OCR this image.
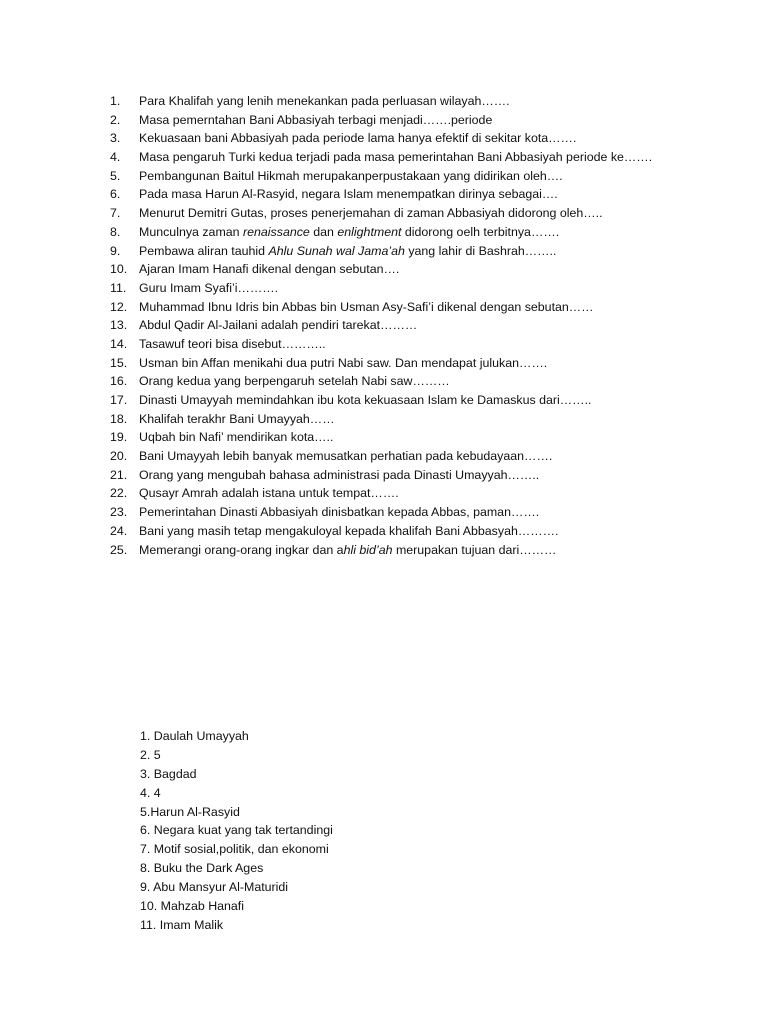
1.	Para Khalifah yang lenih menekankan pada perluasan wilayah…….
2.	Masa pemerntahan Bani Abbasiyah terbagi menjadi…….periode
3.	Kekuasaan bani Abbasiyah pada periode lama hanya efektif di sekitar kota…….
4.	Masa pengaruh Turki kedua terjadi pada masa pemerintahan Bani Abbasiyah periode ke…….
5.	Pembangunan Baitul Hikmah merupakanperpustakaan yang didirikan oleh….
6.	Pada masa Harun Al-Rasyid, negara Islam menempatkan dirinya sebagai….
7.	Menurut Demitri Gutas, proses penerjemahan di zaman Abbasiyah didorong oleh…..
8.	Munculnya zaman renaissance dan enlightment didorong oelh terbitnya…….
9.	Pembawa aliran tauhid Ahlu Sunah wal Jama’ah yang lahir di Bashrah……..
10. Ajaran Imam Hanafi dikenal dengan sebutan….
11.	Guru Imam Syafi’i……….
12. Muhammad Ibnu Idris bin Abbas bin Usman Asy-Safi’i dikenal dengan sebutan……
13. Abdul Qadir Al-Jailani adalah pendiri tarekat………
14. Tasawuf teori bisa disebut………..
15. Usman bin Affan menikahi dua putri Nabi saw. Dan mendapat julukan…….
16. Orang kedua yang berpengaruh setelah Nabi saw………
17. Dinasti Umayyah memindahkan ibu kota kekuasaan Islam ke Damaskus dari……..
18. Khalifah terakhr Bani Umayyah……
19. Uqbah bin Nafi’ mendirikan kota…..
20. Bani Umayyah lebih banyak memusatkan perhatian pada kebudayaan…….
21. Orang yang mengubah bahasa administrasi pada Dinasti Umayyah……..
22. Qusayr Amrah adalah istana untuk tempat…….
23. Pemerintahan Dinasti Abbasiyah dinisbatkan kepada Abbas, paman…….
24. Bani yang masih tetap mengakuloyal kepada khalifah Bani Abbasyah……….
25. Memerangi orang-orang ingkar dan ahli bid’ah merupakan tujuan dari………
1. Daulah Umayyah
2. 5
3. Bagdad
4. 4
5.Harun Al-Rasyid
6. Negara kuat yang tak tertandingi
7. Motif sosial,politik, dan ekonomi
8. Buku the Dark Ages
9. Abu Mansyur Al-Maturidi
10. Mahzab Hanafi
11. Imam Malik
